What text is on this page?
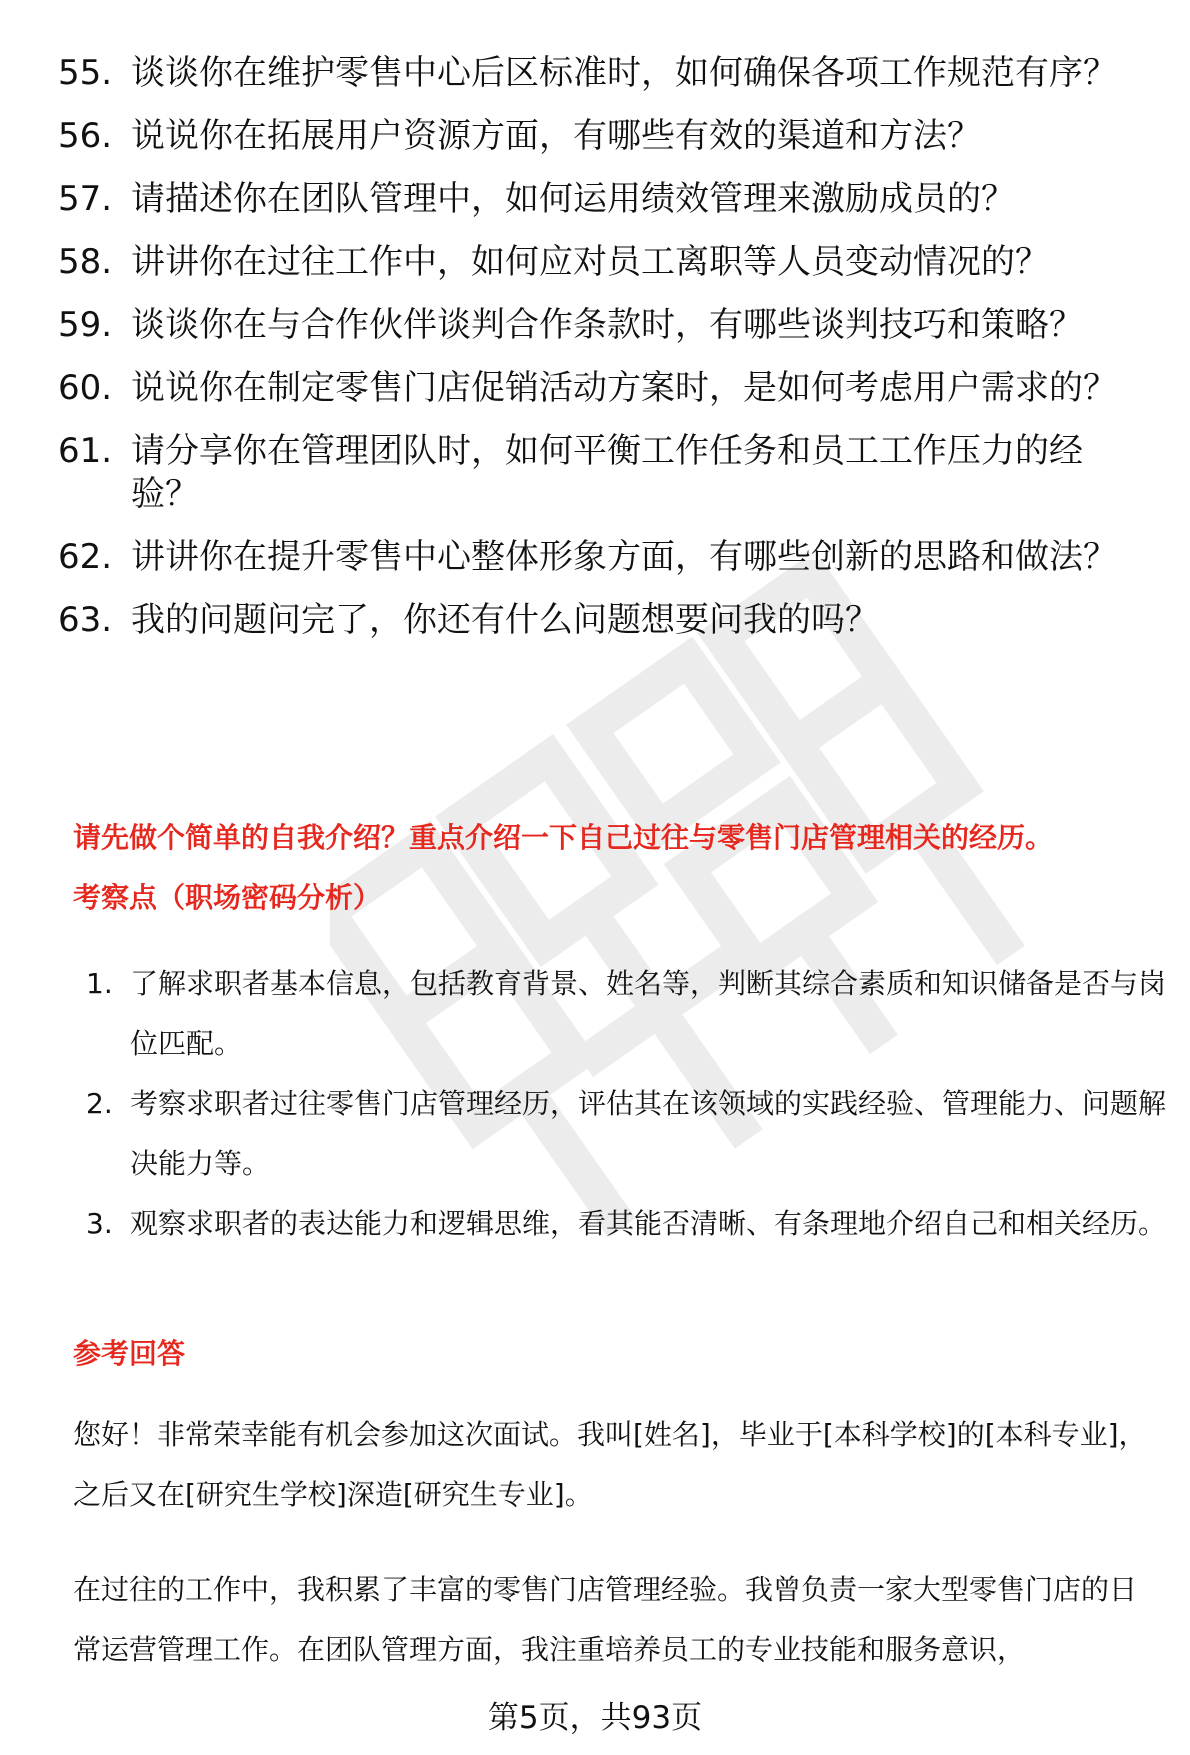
55. 谈谈你在维护零售中心后区标准时，如何确保各项工作规范有序？
56. 说说你在拓展用户资源方面，有哪些有效的渠道和方法？
57. 请描述你在团队管理中，如何运用绩效管理来激励成员的？
58. 讲讲你在过往工作中，如何应对员工离职等人员变动情况的？
59. 谈谈你在与合作伙伴谈判合作条款时，有哪些谈判技巧和策略？
60. 说说你在制定零售门店促销活动方案时，是如何考虑用户需求的？
61. 请分享你在管理团队时，如何平衡工作任务和员工工作压力的经验？
62. 讲讲你在提升零售中心整体形象方面，有哪些创新的思路和做法？
63. 我的问题问完了，你还有什么问题想要问我的吗？

请先做个简单的自我介绍？重点介绍一下自己过往与零售门店管理相关的经历。

考察点（职场密码分析）

1. 了解求职者基本信息，包括教育背景、姓名等，判断其综合素质和知识储备是否与岗位匹配。
2. 考察求职者过往零售门店管理经历，评估其在该领域的实践经验、管理能力、问题解决能力等。
3. 观察求职者的表达能力和逻辑思维，看其能否清晰、有条理地介绍自己和相关经历。

参考回答

您好！非常荣幸能有机会参加这次面试。我叫[姓名]，毕业于[本科学校]的[本科专业]，之后又在[研究生学校]深造[研究生专业]。

在过往的工作中，我积累了丰富的零售门店管理经验。我曾负责一家大型零售门店的日常运营管理工作。在团队管理方面，我注重培养员工的专业技能和服务意识，

第5页，共93页
